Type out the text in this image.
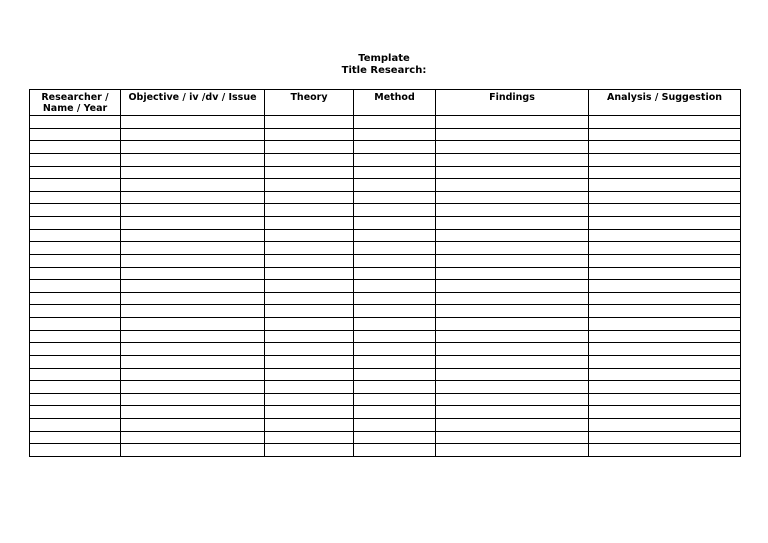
Template
Title Research:
Researcher /
Name / Year	Objective / iv /dv / Issue	Theory	Method	Findings	Analysis / Suggestion
